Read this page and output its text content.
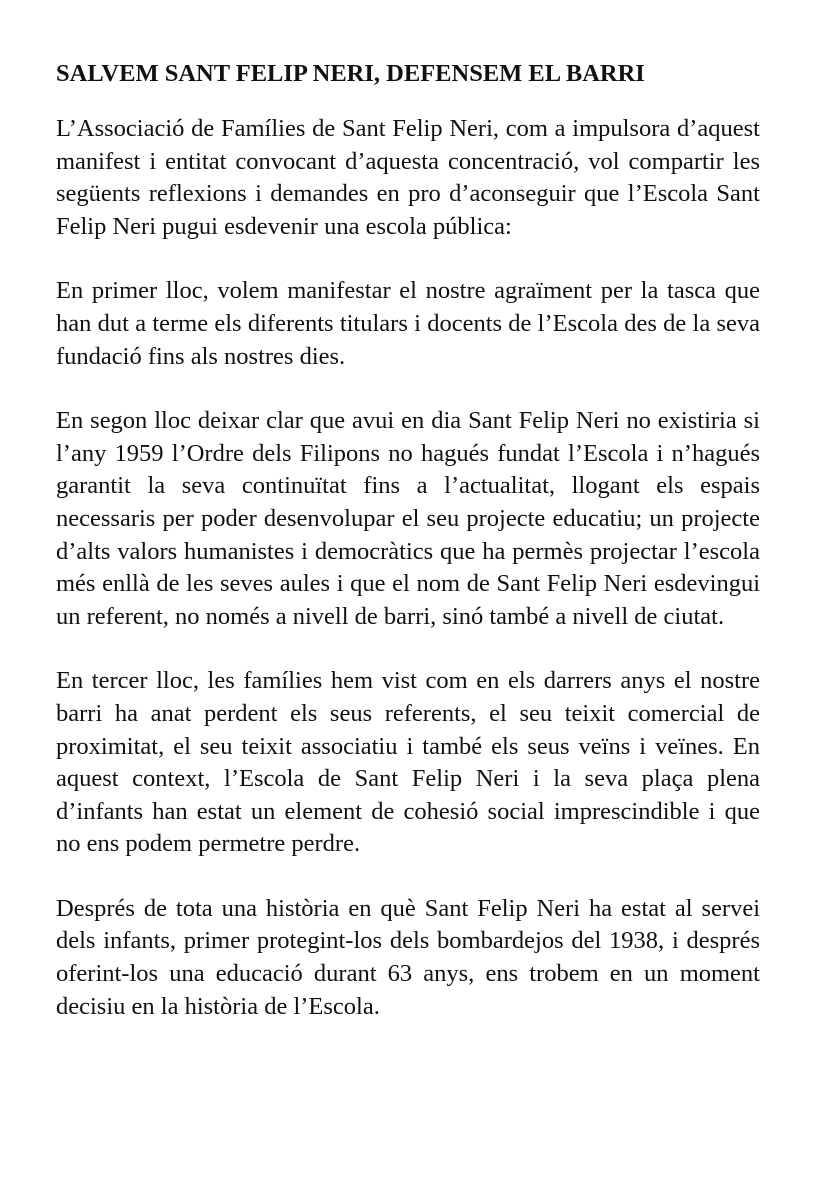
SALVEM SANT FELIP NERI, DEFENSEM EL BARRI

L’Associació de Famílies de Sant Felip Neri, com a impulsora d’aquest manifest i entitat convocant d’aquesta concentració, vol compartir les següents reflexions i demandes en pro d’aconseguir que l’Escola Sant Felip Neri pugui esdevenir una escola pública:

En primer lloc, volem manifestar el nostre agraïment per la tasca que han dut a terme els diferents titulars i docents de l’Escola des de la seva fundació fins als nostres dies.

En segon lloc deixar clar que avui en dia Sant Felip Neri no existiria si l’any 1959 l’Ordre dels Filipons no hagués fundat l’Escola i n’hagués garantit la seva continuïtat fins a l’actualitat, llogant els espais necessaris per poder desenvolupar el seu projecte educatiu; un projecte d’alts valors humanistes i democràtics que ha permès projectar l’escola més enllà de les seves aules i que el nom de Sant Felip Neri esdevingui un referent, no només a nivell de barri, sinó també a nivell de ciutat.

En tercer lloc, les famílies hem vist com en els darrers anys el nostre barri ha anat perdent els seus referents, el seu teixit comercial de proximitat, el seu teixit associatiu i també els seus veïns i veïnes. En aquest context, l’Escola de Sant Felip Neri i la seva plaça plena d’infants han estat un element de cohesió social imprescindible i que no ens podem permetre perdre.

Després de tota una història en què Sant Felip Neri ha estat al servei dels infants, primer protegint-los dels bombardejos del 1938, i després oferint-los una educació durant 63 anys, ens trobem en un moment decisiu en la història de l’Escola.
